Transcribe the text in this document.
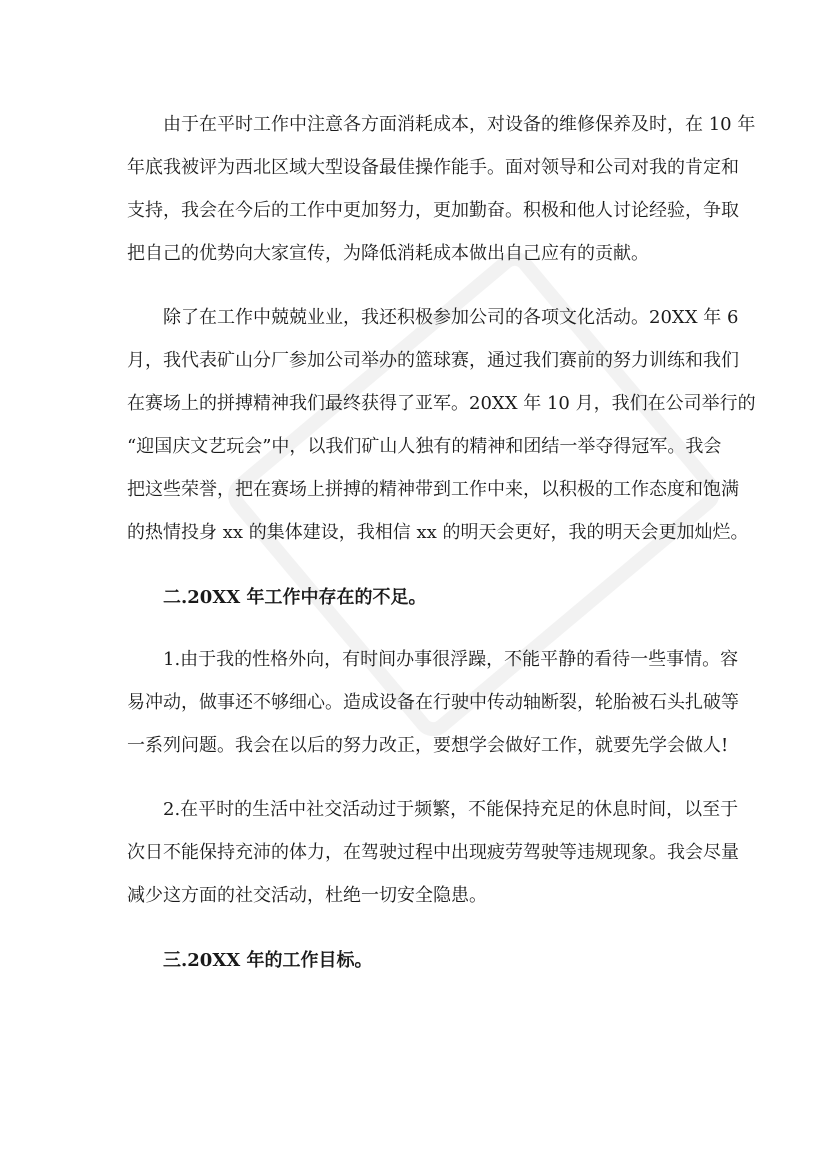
由于在平时工作中注意各方面消耗成本，对设备的维修保养及时，在 10 年
年底我被评为西北区域大型设备最佳操作能手。面对领导和公司对我的肯定和
支持，我会在今后的工作中更加努力，更加勤奋。积极和他人讨论经验，争取
把自己的优势向大家宣传，为降低消耗成本做出自己应有的贡献。
除了在工作中兢兢业业，我还积极参加公司的各项文化活动。20XX 年 6
月，我代表矿山分厂参加公司举办的篮球赛，通过我们赛前的努力训练和我们
在赛场上的拼搏精神我们最终获得了亚军。20XX 年 10 月，我们在公司举行的
“迎国庆文艺玩会”中，以我们矿山人独有的精神和团结一举夺得冠军。我会
把这些荣誉，把在赛场上拼搏的精神带到工作中来，以积极的工作态度和饱满
的热情投身 xx 的集体建设，我相信 xx 的明天会更好，我的明天会更加灿烂。
二.20XX 年工作中存在的不足。
1.由于我的性格外向，有时间办事很浮躁，不能平静的看待一些事情。容
易冲动，做事还不够细心。造成设备在行驶中传动轴断裂，轮胎被石头扎破等
一系列问题。我会在以后的努力改正，要想学会做好工作，就要先学会做人!
2.在平时的生活中社交活动过于频繁，不能保持充足的休息时间，以至于
次日不能保持充沛的体力，在驾驶过程中出现疲劳驾驶等违规现象。我会尽量
减少这方面的社交活动，杜绝一切安全隐患。
三.20XX 年的工作目标。
